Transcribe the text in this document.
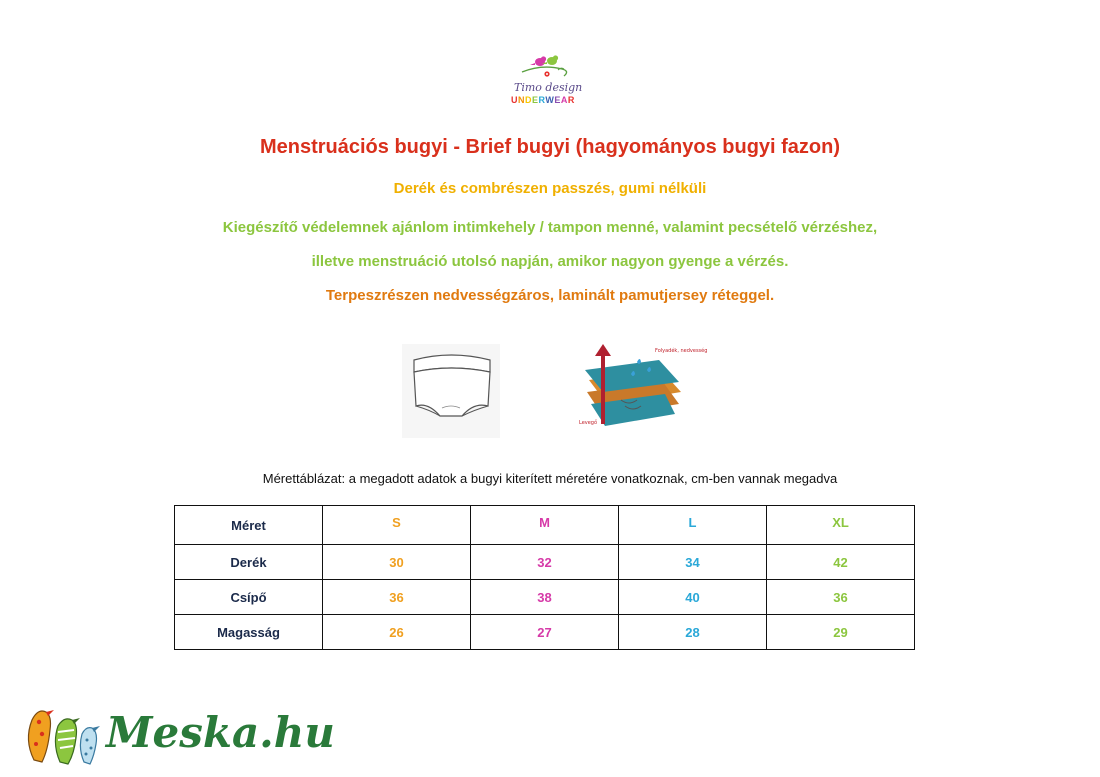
Timo design
UNDERWEAR
Menstruációs bugyi - Brief bugyi (hagyományos bugyi fazon)
Derék és combrészen passzés, gumi nélküli
Kiegészítő védelemnek ajánlom intimkehely / tampon menné, valamint pecsételő vérzéshez,
illetve menstruáció utolsó napján, amikor nagyon gyenge a vérzés.
Terpeszrészen nedvességzáros, laminált pamutjersey réteggel.
Folyadék, nedvesség
Levegő
Mérettáblázat: a megadott adatok a bugyi kiterített méretére vonatkoznak, cm-ben vannak megadva
Méret	S	M	L	XL
Derék	30	32	34	42
Csípő	36	38	40	36
Magasság	26	27	28	29
Meska.hu
